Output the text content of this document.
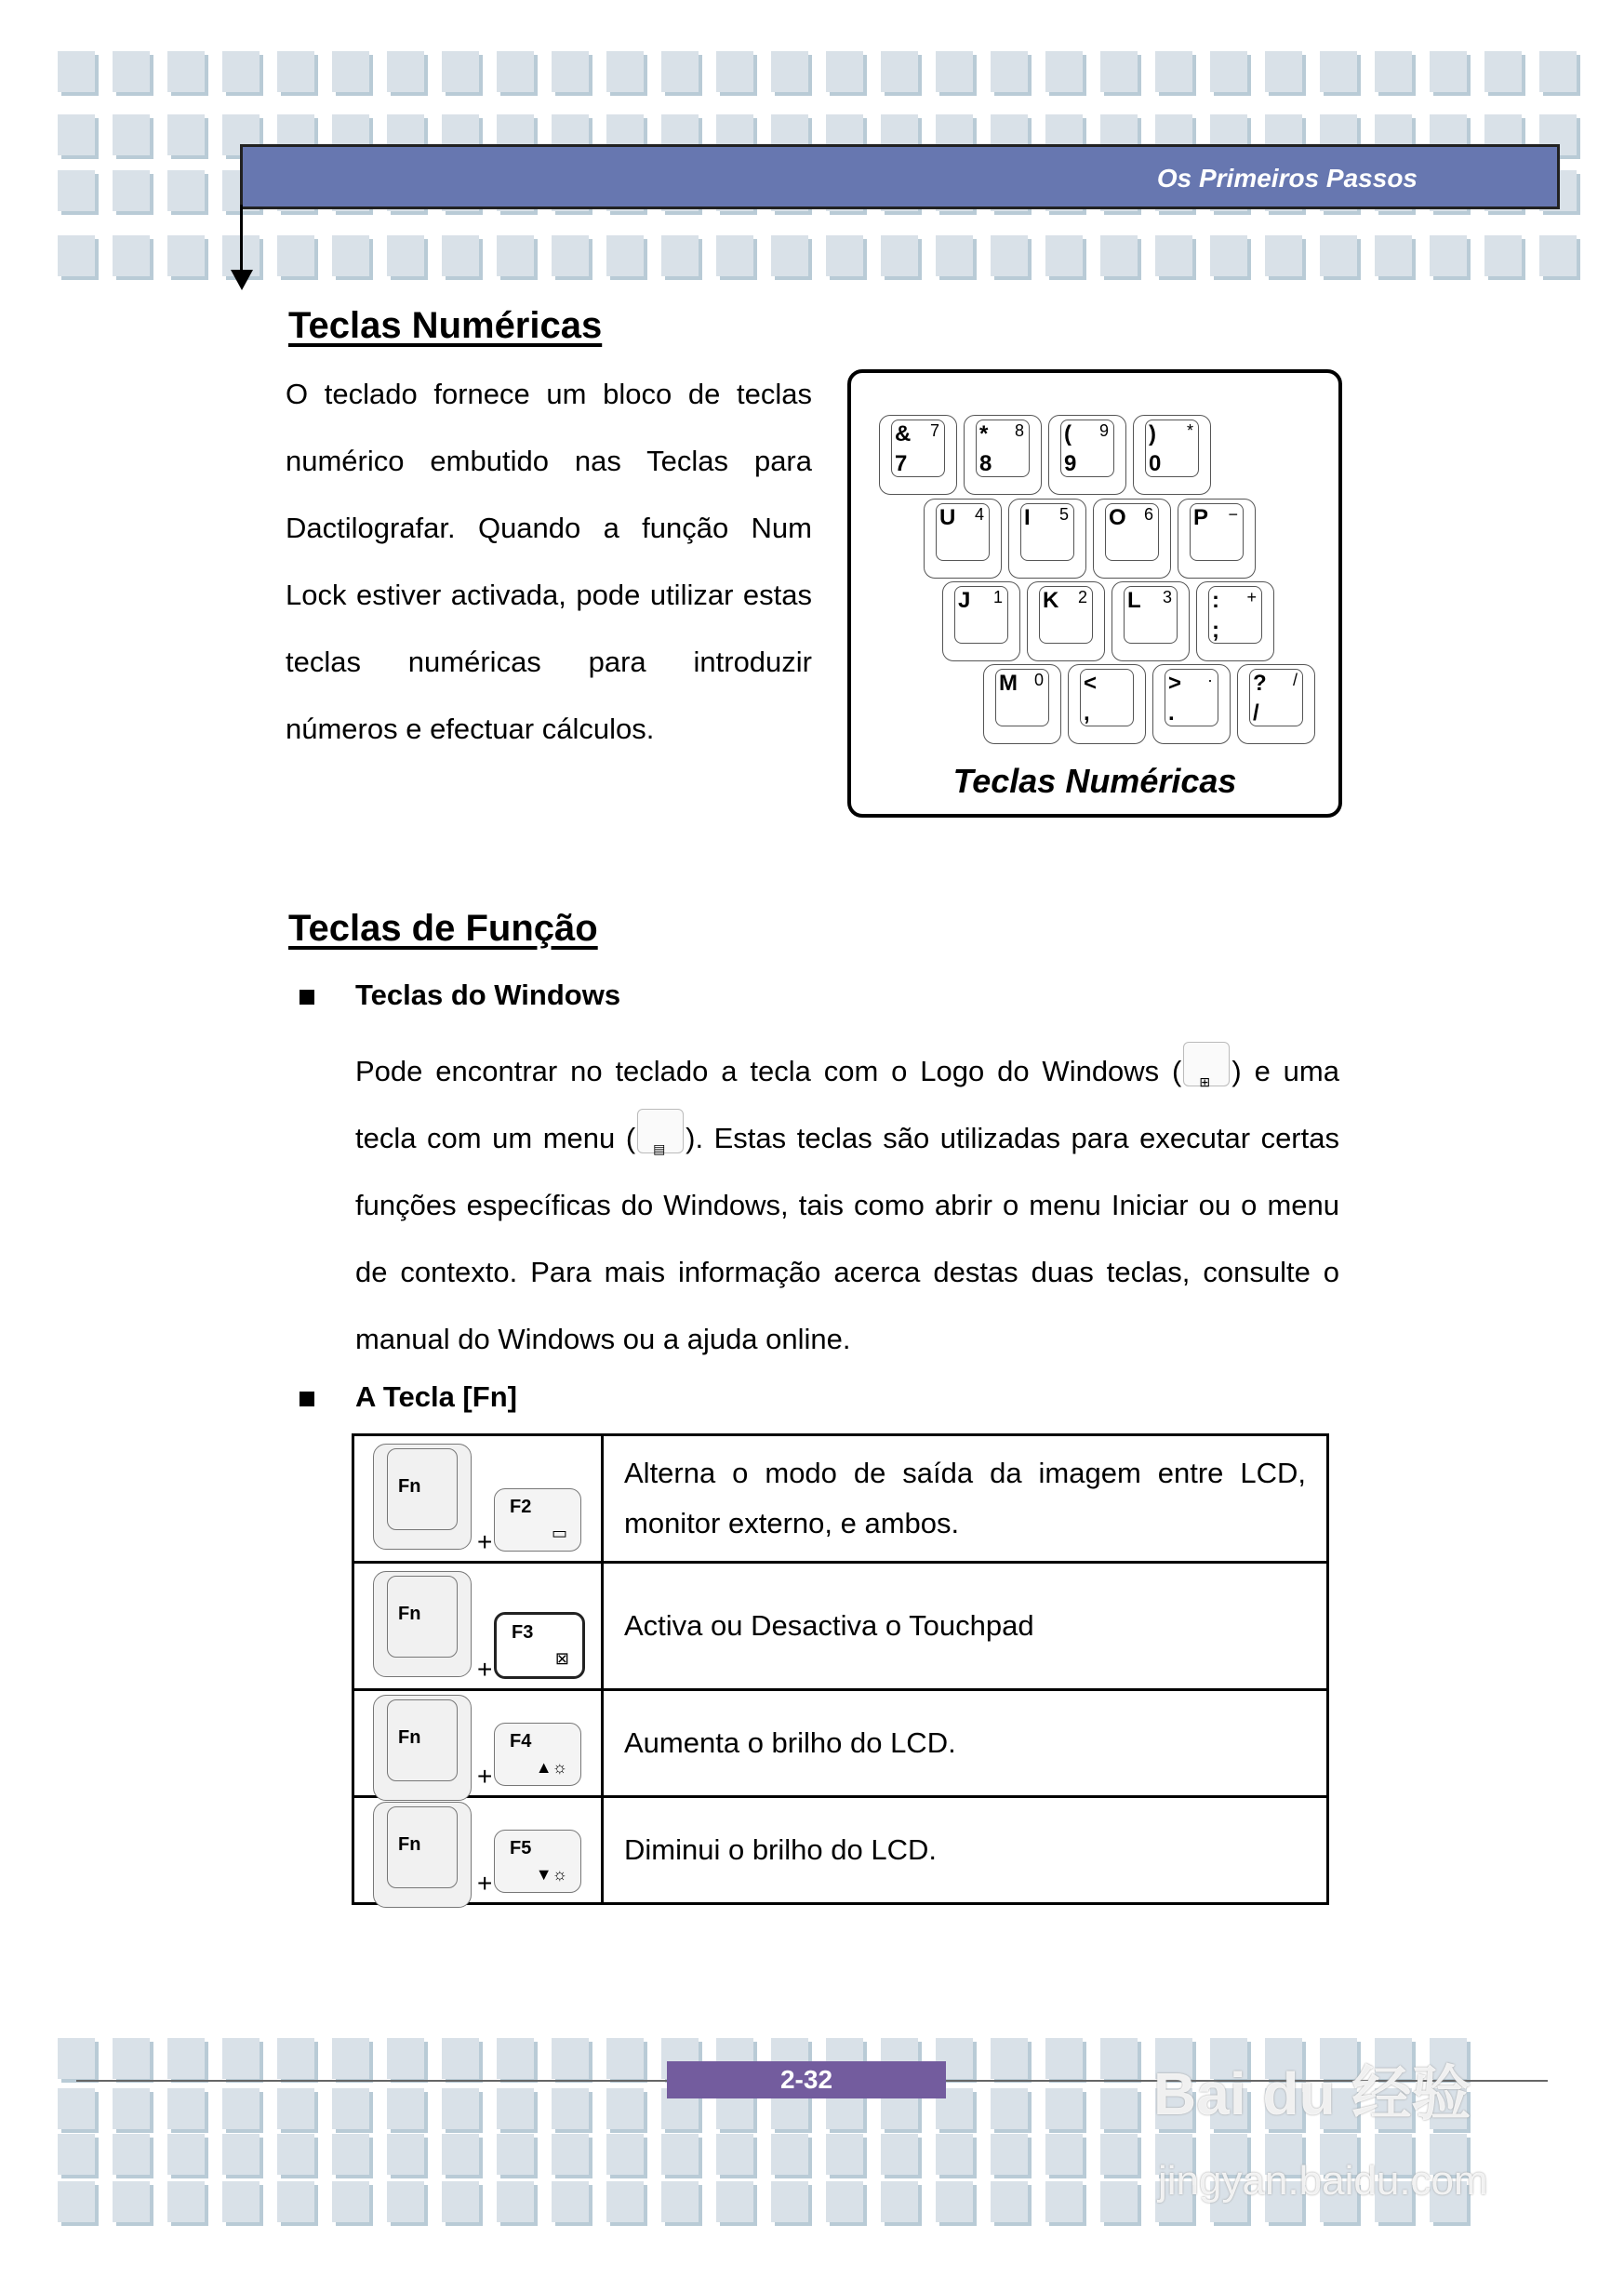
Os Primeiros Passos
Teclas Numéricas

O teclado fornece um bloco de teclas numérico embutido nas Teclas para Dactilografar. Quando a função Num Lock estiver activada, pode utilizar estas teclas numéricas para introduzir números e efectuar cálculos.

& 7
7
* 8
8
( 9
9
) *
0
U 4 I 5 O 6 P −
J 1 K 2 L 3 : +
;
M 0 <
,
> ·
.
? /
/
Teclas Numéricas
Teclas de Função
Teclas do Windows

Pode encontrar no teclado a tecla com o Logo do Windows ( ⊞ ) e uma tecla com um menu ( ▤ ). Estas teclas são utilizadas para executar certas funções específicas do Windows, tais como abrir o menu Iniciar ou o menu de contexto. Para mais informação acerca destas duas teclas, consulte o manual do Windows ou a ajuda online.

A Tecla [Fn]
Fn
+
F2
▭	Alterna o modo de saída da imagem entre LCD, monitor externo, e ambos.

Fn
+
F3
⊠	Activa ou Desactiva o Touchpad

Fn
+
F4
▲☼	Aumenta o brilho do LCD.

Fn
+
F5
▼☼	Diminui o brilho do LCD.
2-32	Bai du 经验
jingyan.baidu.com
